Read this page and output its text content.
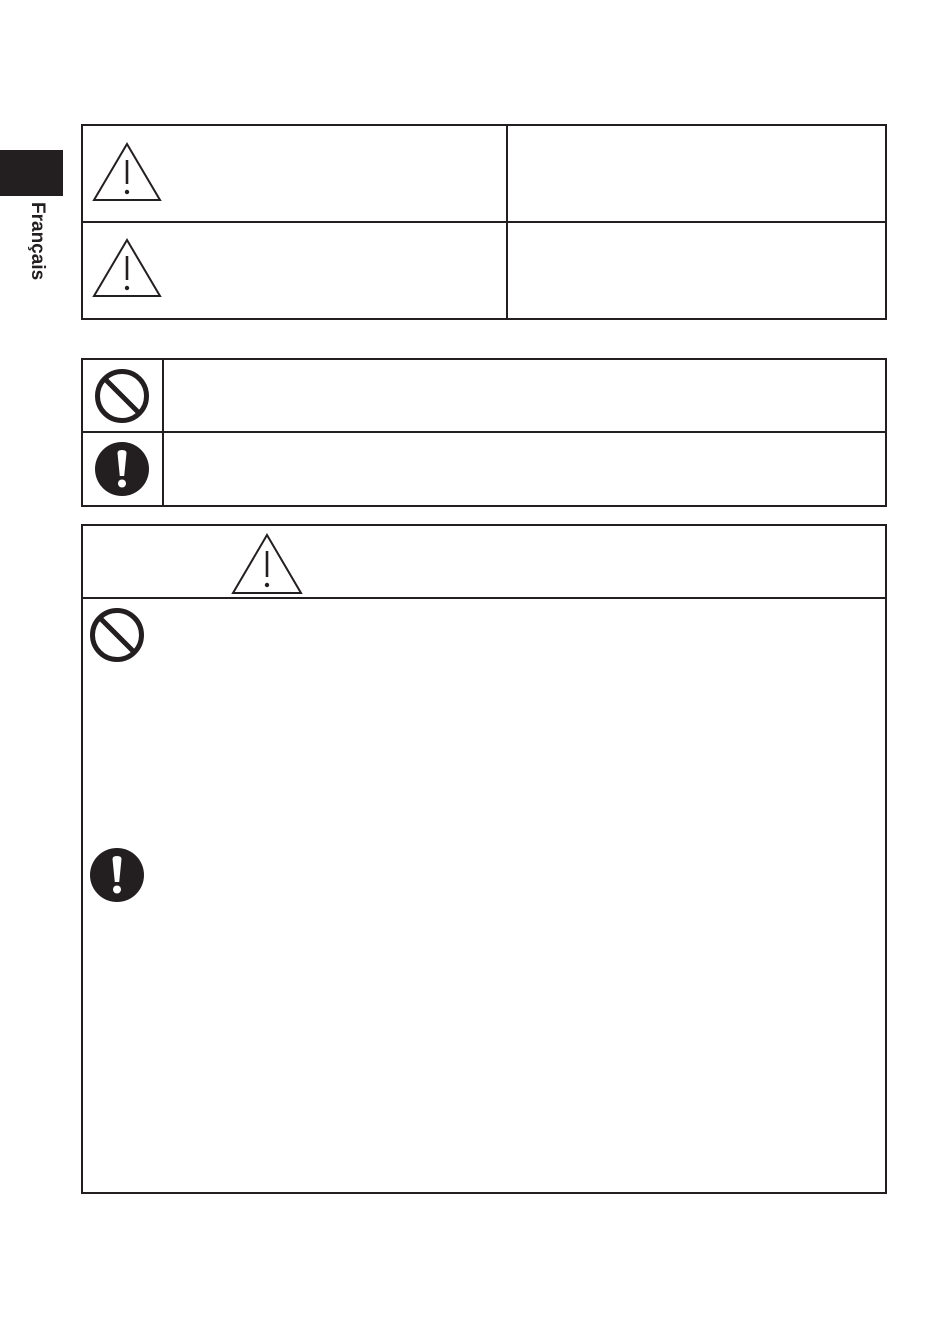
Français
